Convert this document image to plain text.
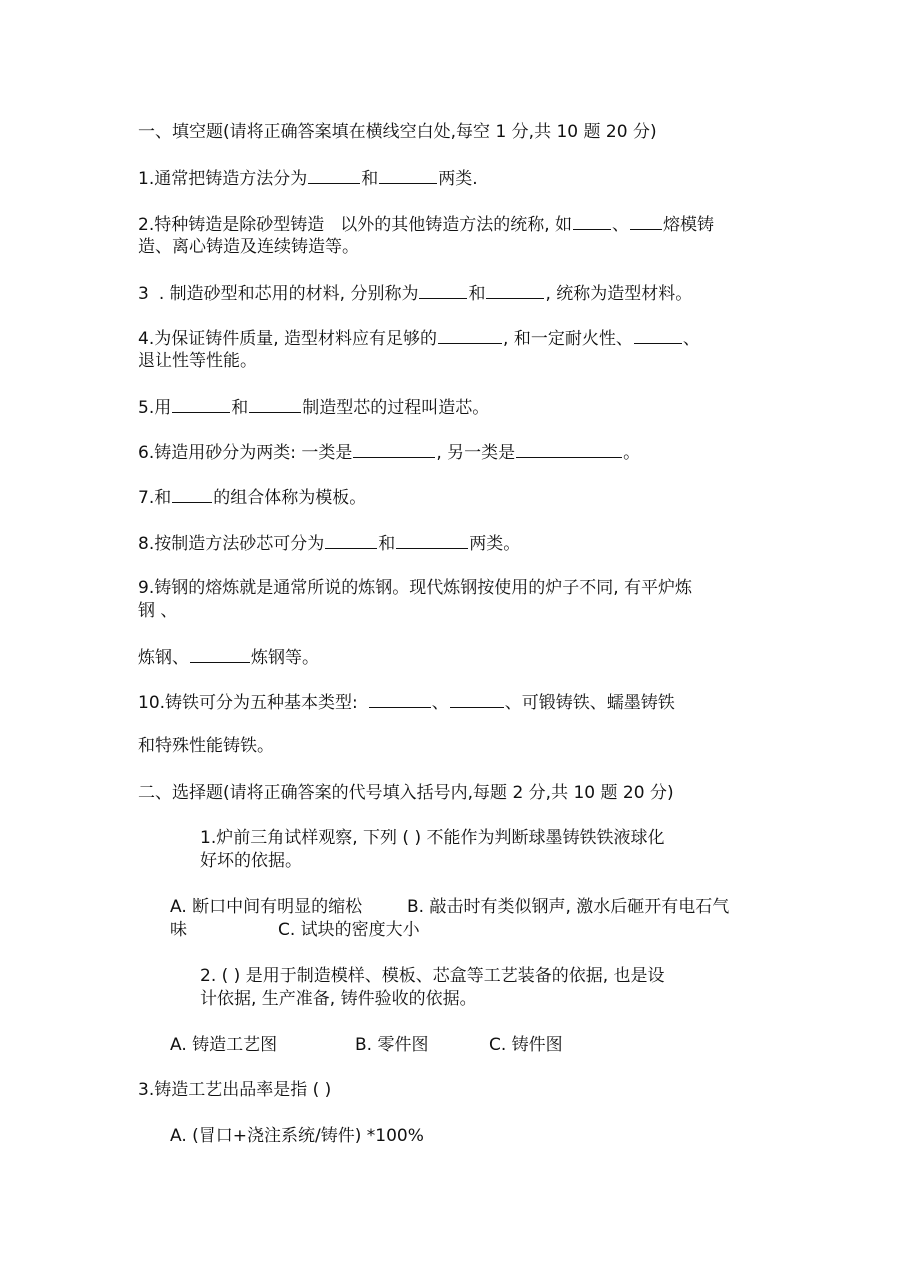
一、填空题(请将正确答案填在横线空白处,每空 1 分,共 10 题 20 分)
1.通常把铸造方法分为	和	两类.
2.特种铸造是除砂型铸造 以外的其他铸造方法的统称, 如 、 熔模铸
造、离心铸造及连续铸造等。
3 . 制造砂型和芯用的材料, 分别称为	和	, 统称为造型材料。
4.为保证铸件质量, 造型材料应有足够的	, 和一定耐火性、	、
退让性等性能。
5.用	和	制造型芯的过程叫造芯。
6.铸造用砂分为两类: 一类是	, 另一类是	。
7.和 的组合体称为模板。
8.按制造方法砂芯可分为	和	两类。
9.铸钢的熔炼就是通常所说的炼钢。现代炼钢按使用的炉子不同, 有平炉炼
钢 、
炼钢、	炼钢等。
10.铸铁可分为五种基本类型:	、	、可锻铸铁、蠕墨铸铁
和特殊性能铸铁。
二、选择题(请将正确答案的代号填入括号内,每题 2 分,共 10 题 20 分)
1.炉前三角试样观察, 下列 ( ) 不能作为判断球墨铸铁铁液球化
好坏的依据。
A. 断口中间有明显的缩松	B. 敲击时有类似钢声, 激水后砸开有电石气
味	C. 试块的密度大小
2. ( ) 是用于制造模样、模板、芯盒等工艺装备的依据, 也是设
计依据, 生产准备, 铸件验收的依据。
A. 铸造工艺图	B. 零件图	C. 铸件图
3.铸造工艺出品率是指 ( )
A. (冒口+浇注系统/铸件) *100%
